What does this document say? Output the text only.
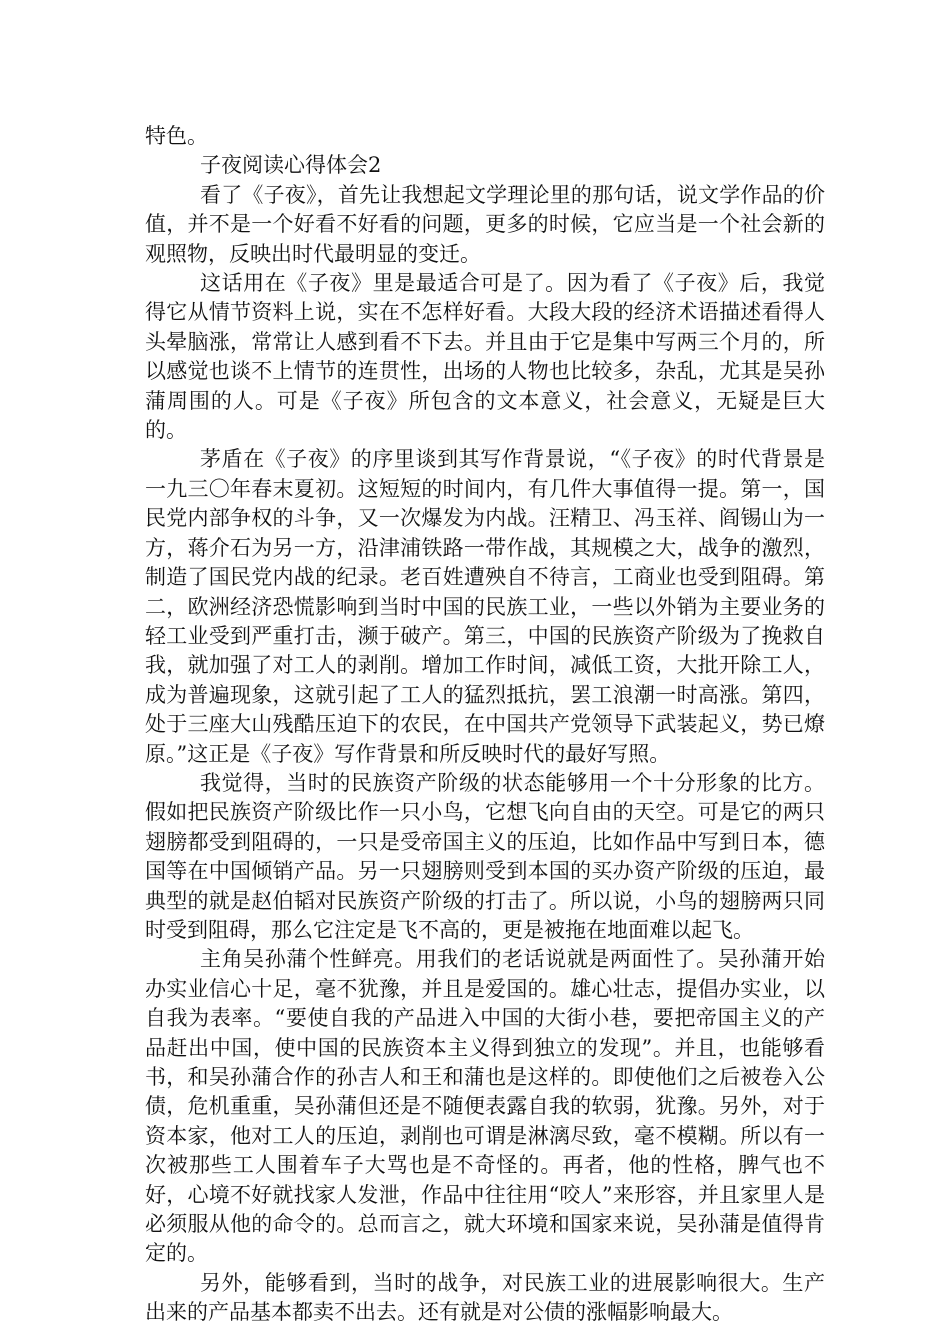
特色。

子夜阅读心得体会2

看了《子夜》，首先让我想起文学理论里的那句话，说文学作品的价值，并不是一个好看不好看的问题，更多的时候，它应当是一个社会新的观照物，反映出时代最明显的变迁。

这话用在《子夜》里是最适合可是了。因为看了《子夜》后，我觉得它从情节资料上说，实在不怎样好看。大段大段的经济术语描述看得人头晕脑涨，常常让人感到看不下去。并且由于它是集中写两三个月的，所以感觉也谈不上情节的连贯性，出场的人物也比较多，杂乱，尤其是吴孙蒲周围的人。可是《子夜》所包含的文本意义，社会意义，无疑是巨大的。

茅盾在《子夜》的序里谈到其写作背景说，“《子夜》的时代背景是一九三〇年春末夏初。这短短的时间内，有几件大事值得一提。第一，国民党内部争权的斗争，又一次爆发为内战。汪精卫、冯玉祥、阎锡山为一方，蒋介石为另一方，沿津浦铁路一带作战，其规模之大，战争的激烈，制造了国民党内战的纪录。老百姓遭殃自不待言，工商业也受到阻碍。第二，欧洲经济恐慌影响到当时中国的民族工业，一些以外销为主要业务的轻工业受到严重打击，濒于破产。第三，中国的民族资产阶级为了挽救自我，就加强了对工人的剥削。增加工作时间，减低工资，大批开除工人，成为普遍现象，这就引起了工人的猛烈抵抗，罢工浪潮一时高涨。第四，处于三座大山残酷压迫下的农民，在中国共产党领导下武装起义，势已燎原。”这正是《子夜》写作背景和所反映时代的最好写照。

我觉得，当时的民族资产阶级的状态能够用一个十分形象的比方。假如把民族资产阶级比作一只小鸟，它想飞向自由的天空。可是它的两只翅膀都受到阻碍的，一只是受帝国主义的压迫，比如作品中写到日本，德国等在中国倾销产品。另一只翅膀则受到本国的买办资产阶级的压迫，最典型的就是赵伯韬对民族资产阶级的打击了。所以说，小鸟的翅膀两只同时受到阻碍，那么它注定是飞不高的，更是被拖在地面难以起飞。

主角吴孙蒲个性鲜亮。用我们的老话说就是两面性了。吴孙蒲开始办实业信心十足，毫不犹豫，并且是爱国的。雄心壮志，提倡办实业，以自我为表率。“要使自我的产品进入中国的大街小巷，要把帝国主义的产品赶出中国，使中国的民族资本主义得到独立的发现”。并且，也能够看书，和吴孙蒲合作的孙吉人和王和蒲也是这样的。即使他们之后被卷入公债，危机重重，吴孙蒲但还是不随便表露自我的软弱，犹豫。另外，对于资本家，他对工人的压迫，剥削也可谓是淋漓尽致，毫不模糊。所以有一次被那些工人围着车子大骂也是不奇怪的。再者，他的性格，脾气也不好，心境不好就找家人发泄，作品中往往用“咬人”来形容，并且家里人是必须服从他的命令的。总而言之，就大环境和国家来说，吴孙蒲是值得肯定的。

另外，能够看到，当时的战争，对民族工业的进展影响很大。生产出来的产品基本都卖不出去。还有就是对公债的涨幅影响最大。
